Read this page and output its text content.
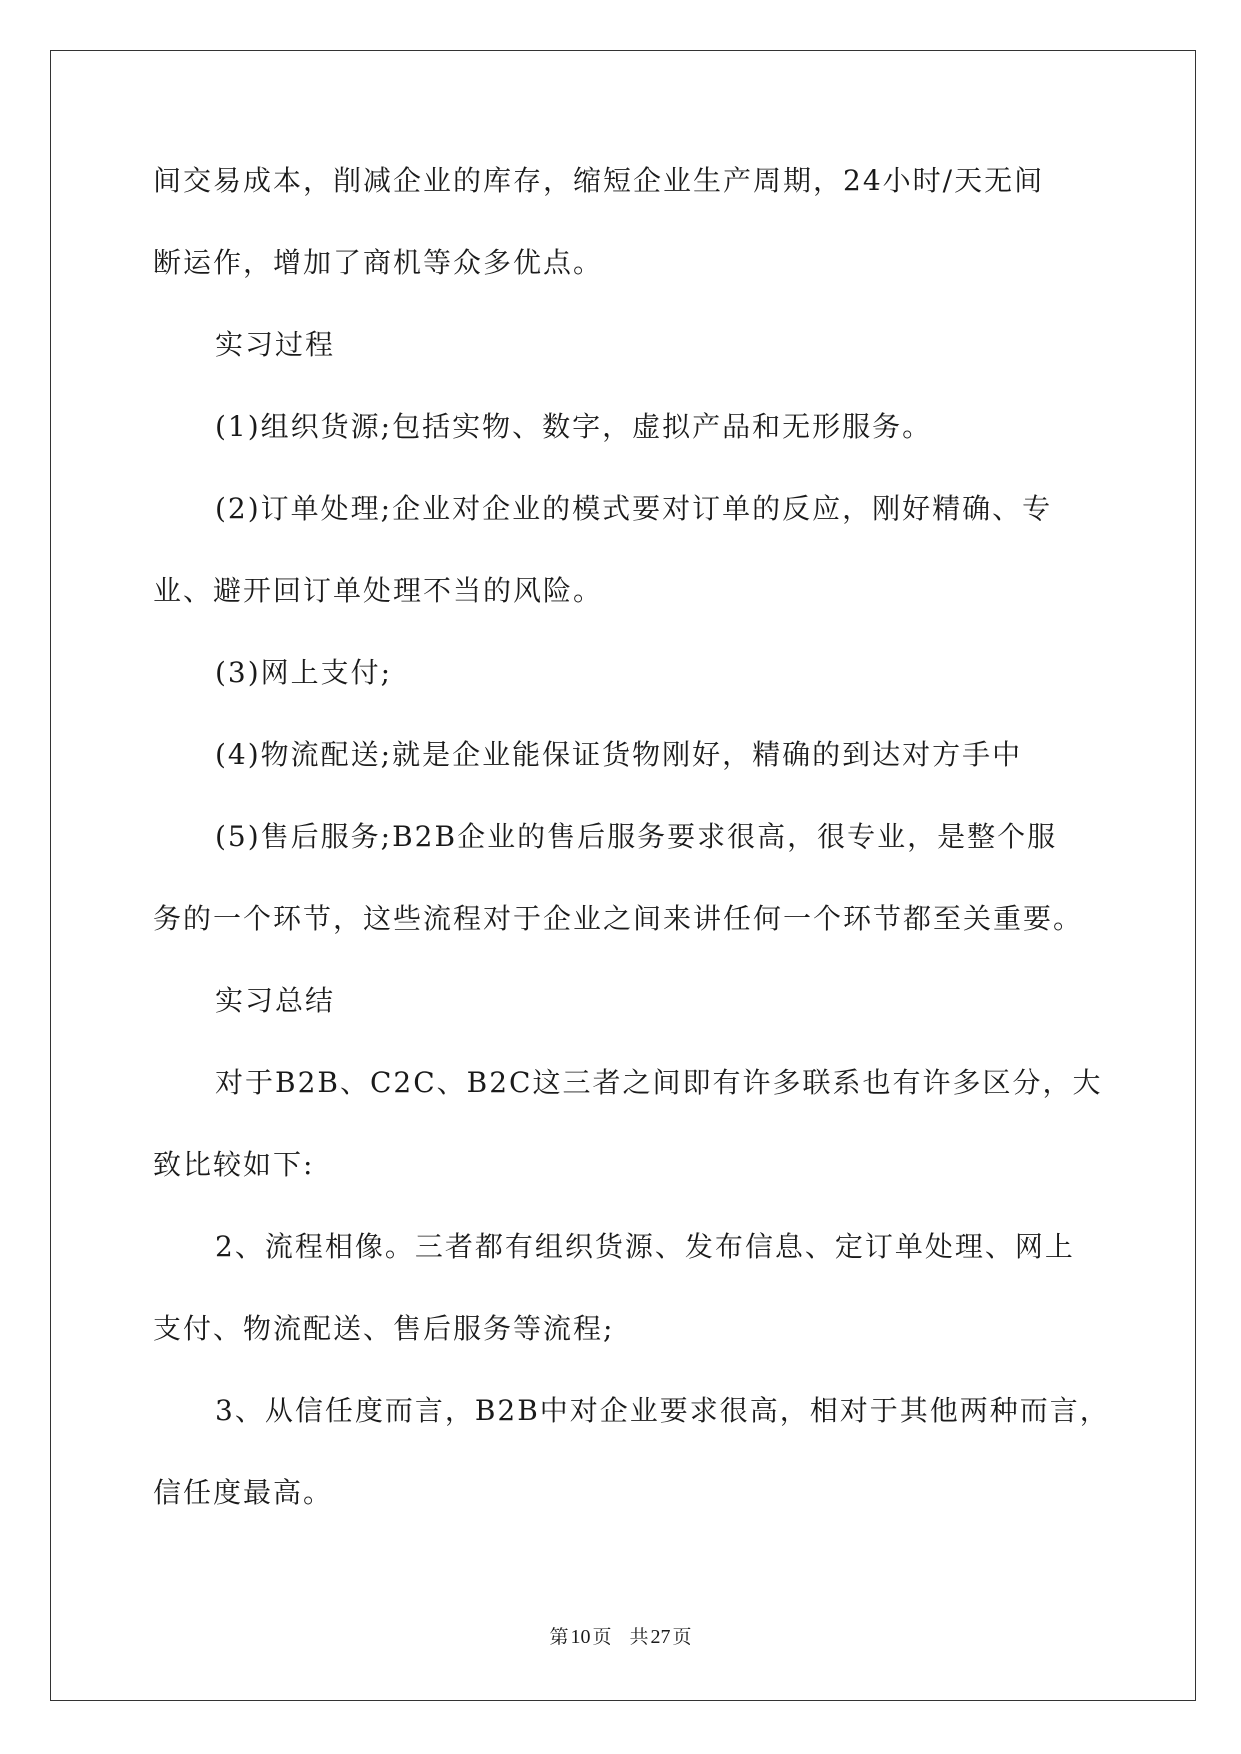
间交易成本，削减企业的库存，缩短企业生产周期，24小时/天无间
断运作，增加了商机等众多优点。
实习过程
(1)组织货源;包括实物、数字，虚拟产品和无形服务。
(2)订单处理;企业对企业的模式要对订单的反应，刚好精确、专
业、避开回订单处理不当的风险。
(3)网上支付;
(4)物流配送;就是企业能保证货物刚好，精确的到达对方手中
(5)售后服务;B2B企业的售后服务要求很高，很专业，是整个服
务的一个环节，这些流程对于企业之间来讲任何一个环节都至关重要。
实习总结
对于B2B、C2C、B2C这三者之间即有许多联系也有许多区分，大
致比较如下:
2、流程相像。三者都有组织货源、发布信息、定订单处理、网上
支付、物流配送、售后服务等流程;
3、从信任度而言，B2B中对企业要求很高，相对于其他两种而言，
信任度最高。
第 10 页 共 27 页
